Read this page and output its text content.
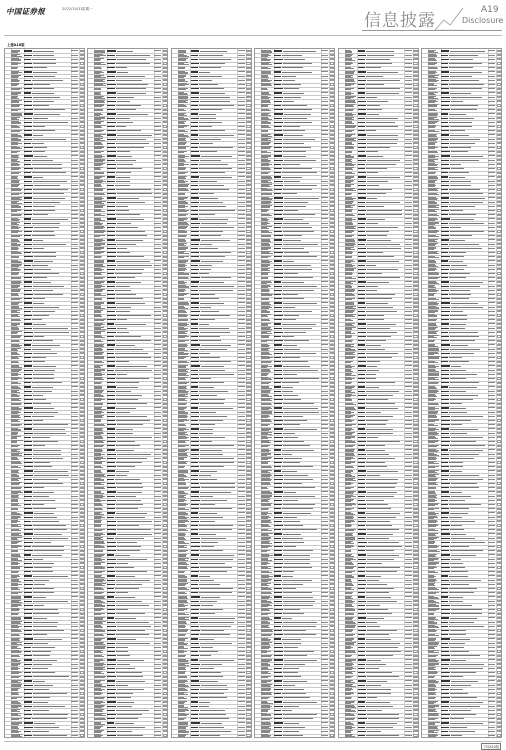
中国证券报	2022/10/31 星期一
信息披露
A19
Disclosure
上接A18版
下转A20版
